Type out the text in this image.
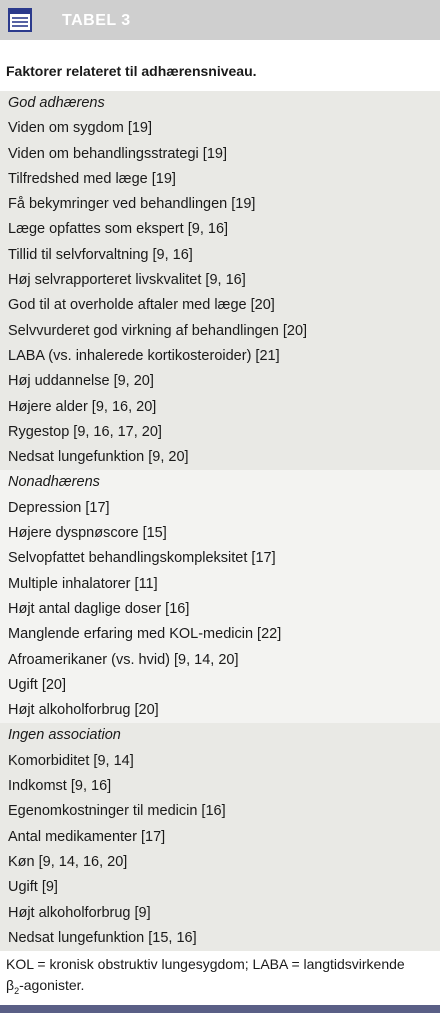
TABEL 3
Faktorer relateret til adhærensniveau.
God adhærens
Viden om sygdom [19]
Viden om behandlingsstrategi [19]
Tilfredshed med læge [19]
Få bekymringer ved behandlingen [19]
Læge opfattes som ekspert [9, 16]
Tillid til selvforvaltning [9, 16]
Høj selvrapporteret livskvalitet [9, 16]
God til at overholde aftaler med læge [20]
Selvvurderet god virkning af behandlingen [20]
LABA (vs. inhalerede kortikosteroider) [21]
Høj uddannelse [9, 20]
Højere alder [9, 16, 20]
Rygestop [9, 16, 17, 20]
Nedsat lungefunktion [9, 20]
Nonadhærens
Depression [17]
Højere dyspnøscore [15]
Selvopfattet behandlingskompleksitet [17]
Multiple inhalatorer [11]
Højt antal daglige doser [16]
Manglende erfaring med KOL-medicin [22]
Afroamerikaner (vs. hvid) [9, 14, 20]
Ugift [20]
Højt alkoholforbrug [20]
Ingen association
Komorbiditet [9, 14]
Indkomst [9, 16]
Egenomkostninger til medicin [16]
Antal medikamenter [17]
Køn [9, 14, 16, 20]
Ugift [9]
Højt alkoholforbrug [9]
Nedsat lungefunktion [15, 16]
KOL = kronisk obstruktiv lungesygdom; LABA = langtidsvirkende
$\beta_2$-agonister.
